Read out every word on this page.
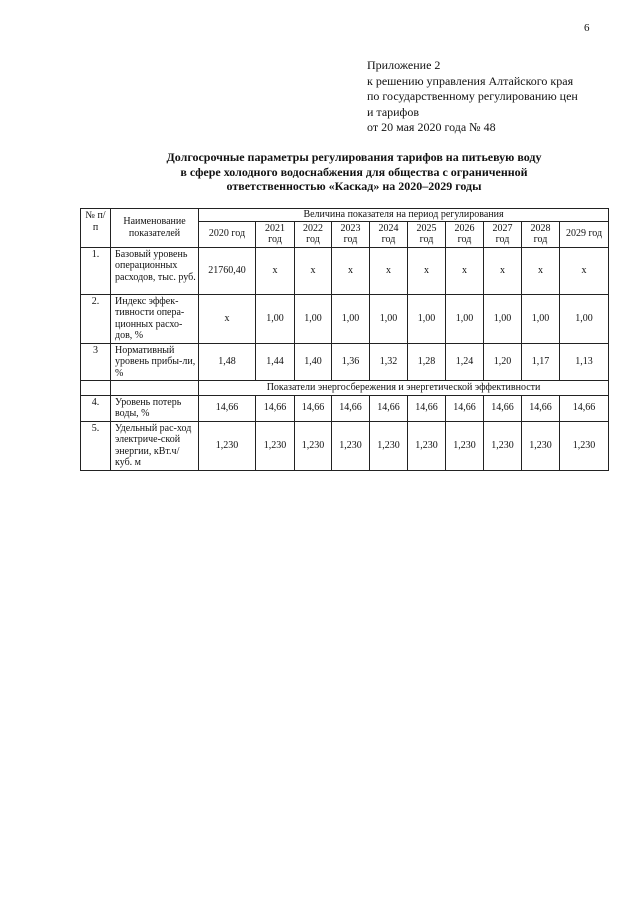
6
Приложение 2
к решению управления Алтайского края
по государственному регулированию цен
и тарифов
от 20 мая 2020 года № 48
Долгосрочные параметры регулирования тарифов на питьевую воду
в сфере холодного водоснабжения для общества с ограниченной
ответственностью «Каскад» на 2020–2029 годы
№ п/п	Наименование показателей	Величина показателя на период регулирования									
		2020 год	2021 год	2022 год	2023 год	2024 год	2025 год	2026 год	2027 год	2028 год	2029 год
1.	Базовый уровень операционных расходов, тыс. руб.	21760,40	x	x	x	x	x	x	x	x	x
2.	Индекс эффек-тивности опера-ционных расхо-дов, %	x	1,00	1,00	1,00	1,00	1,00	1,00	1,00	1,00	1,00
3	Нормативный уровень прибы-ли, %	1,48	1,44	1,40	1,36	1,32	1,28	1,24	1,20	1,17	1,13
		Показатели энергосбережения и энергетической эффективности									
4.	Уровень потерь воды, %	14,66	14,66	14,66	14,66	14,66	14,66	14,66	14,66	14,66	14,66
5.	Удельный рас-ход электриче-ской энергии, кВт.ч/куб. м	1,230	1,230	1,230	1,230	1,230	1,230	1,230	1,230	1,230	1,230
